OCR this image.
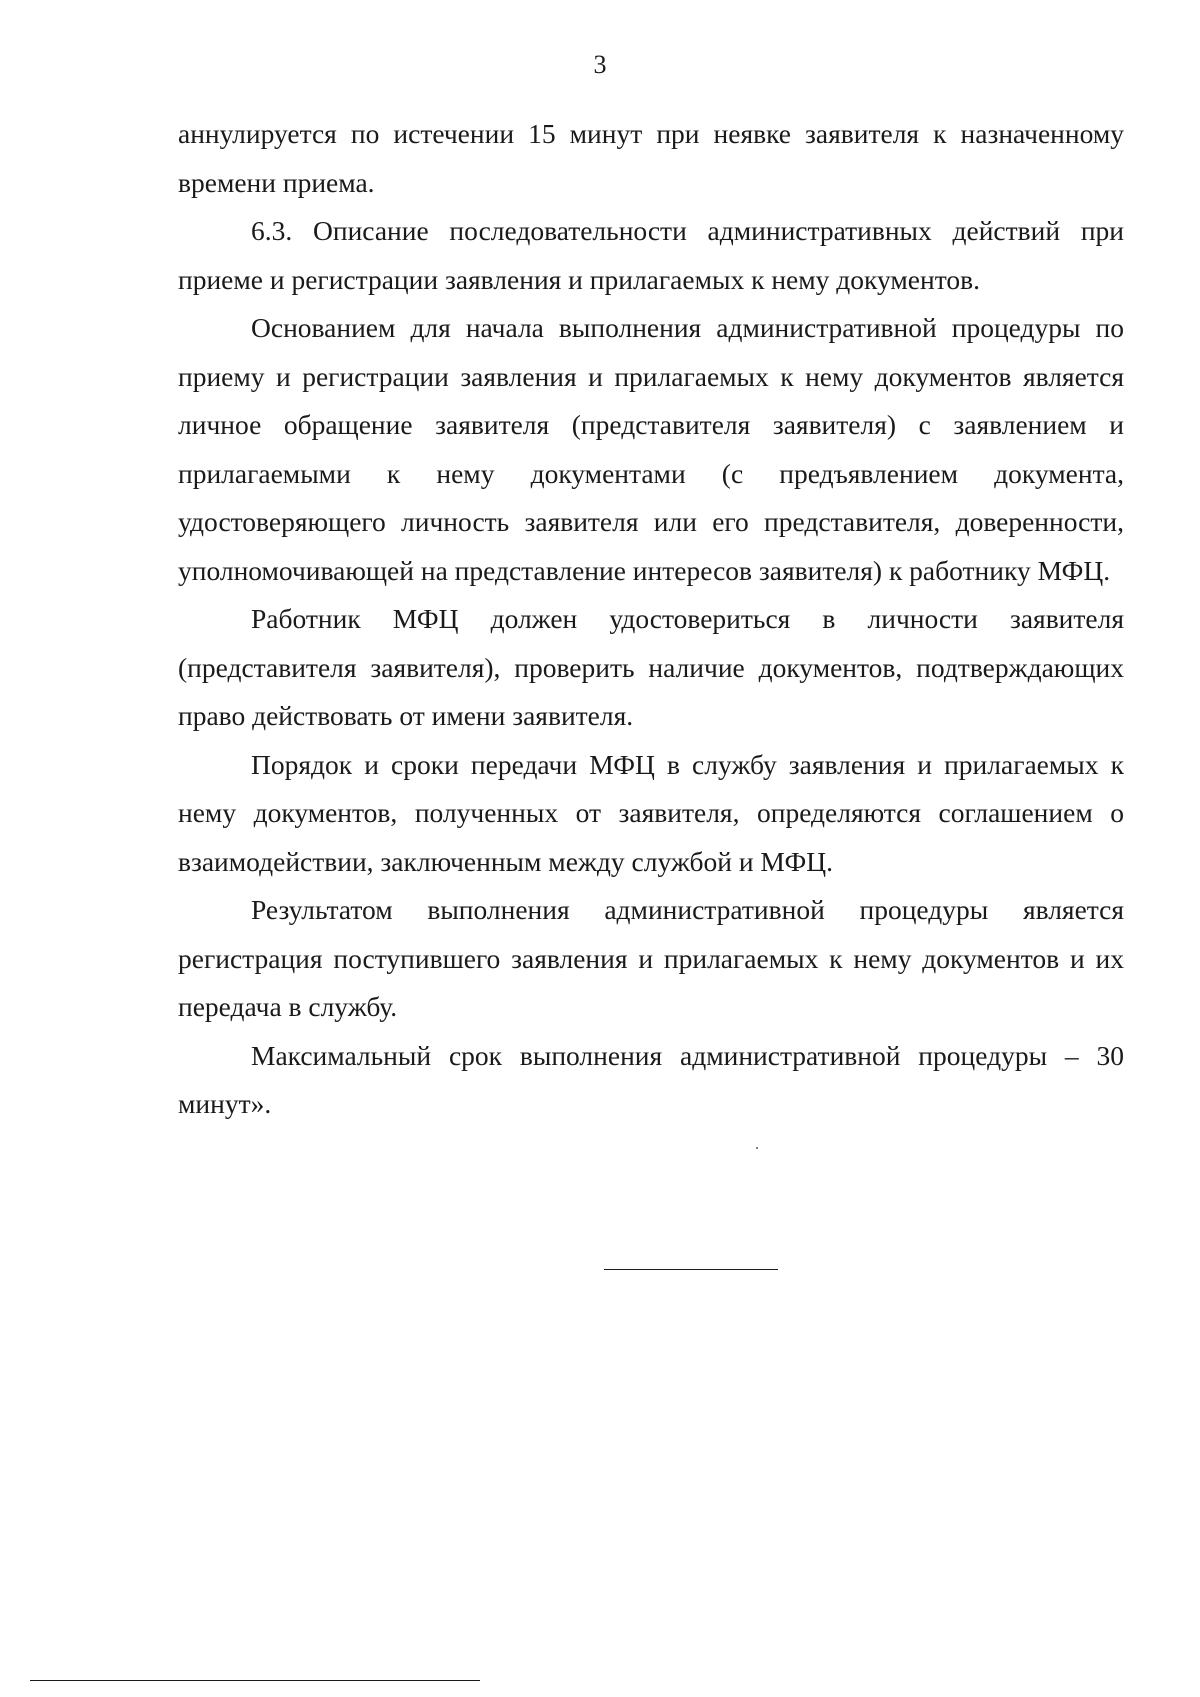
3

аннулируется по истечении 15 минут при неявке заявителя к назначенному времени приема.

6.3. Описание последовательности административных действий при приеме и регистрации заявления и прилагаемых к нему документов.

Основанием для начала выполнения административной процедуры по приему и регистрации заявления и прилагаемых к нему документов является личное обращение заявителя (представителя заявителя) с заявлением и прилагаемыми к нему документами (с предъявлением документа, удостоверяющего личность заявителя или его представителя, доверенности, уполномочивающей на представление интересов заявителя) к работнику МФЦ.

Работник МФЦ должен удостовериться в личности заявителя (представителя заявителя), проверить наличие документов, подтверждающих право действовать от имени заявителя.

Порядок и сроки передачи МФЦ в службу заявления и прилагаемых к нему документов, полученных от заявителя, определяются соглашением о взаимодействии, заключенным между службой и МФЦ.

Результатом выполнения административной процедуры является регистрация поступившего заявления и прилагаемых к нему документов и их передача в службу.

Максимальный срок выполнения административной процедуры – 30 минут».
